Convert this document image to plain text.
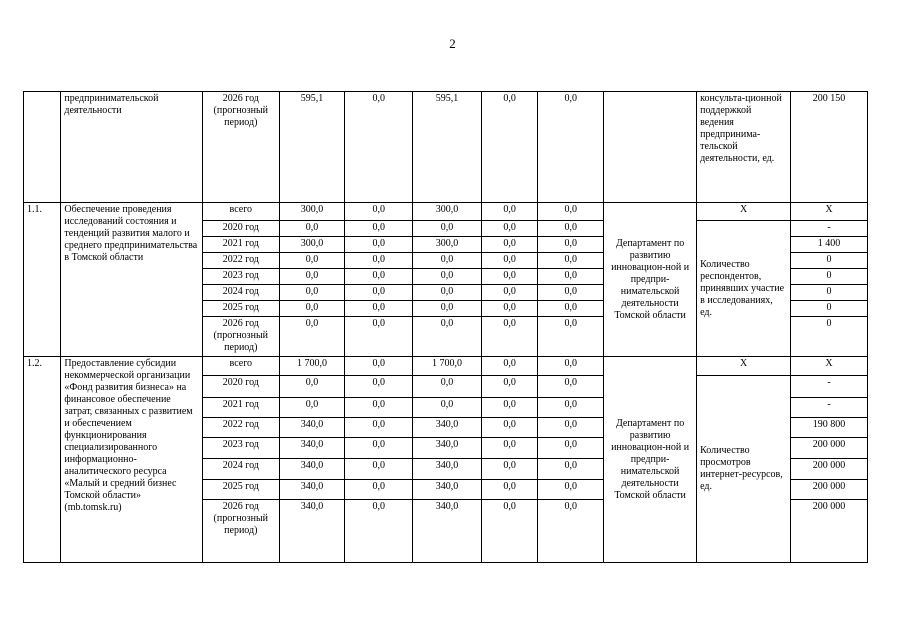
2
	предпринимательской деятельности	2026 год (прогнозный период)	595,1	0,0	595,1	0,0	0,0		консульта-ционной поддержкой ведения предпринима-тельской деятельности, ед.	200 150
1.1.	Обеспечение проведения исследований состояния и тенденций развития малого и среднего предпринимательства в Томской области	всего	300,0	0,0	300,0	0,0	0,0	Департамент по развитию инновацион-ной и предпри-нимательской деятельности Томской области	X	X
		2020 год	0,0	0,0	0,0	0,0	0,0		Количество респондентов, принявших участие в исследованиях, ед.	-
		2021 год	300,0	0,0	300,0	0,0	0,0			1 400
		2022 год	0,0	0,0	0,0	0,0	0,0			0
		2023 год	0,0	0,0	0,0	0,0	0,0			0
		2024 год	0,0	0,0	0,0	0,0	0,0			0
		2025 год	0,0	0,0	0,0	0,0	0,0			0
		2026 год (прогнозный период)	0,0	0,0	0,0	0,0	0,0			0
1.2.	Предоставление субсидии некоммерческой организации «Фонд развития бизнеса» на финансовое обеспечение затрат, связанных с развитием и обеспечением функционирования специализированного информационно-аналитического ресурса «Малый и средний бизнес Томской области» (mb.tomsk.ru)	всего	1 700,0	0,0	1 700,0	0,0	0,0	Департамент по развитию инновацион-ной и предпри-нимательской деятельности Томской области	X	X
		2020 год	0,0	0,0	0,0	0,0	0,0		Количество просмотров интернет-ресурсов, ед.	-
		2021 год	0,0	0,0	0,0	0,0	0,0			-
		2022 год	340,0	0,0	340,0	0,0	0,0			190 800
		2023 год	340,0	0,0	340,0	0,0	0,0			200 000
		2024 год	340,0	0,0	340,0	0,0	0,0			200 000
		2025 год	340,0	0,0	340,0	0,0	0,0			200 000
		2026 год (прогнозный период)	340,0	0,0	340,0	0,0	0,0			200 000
